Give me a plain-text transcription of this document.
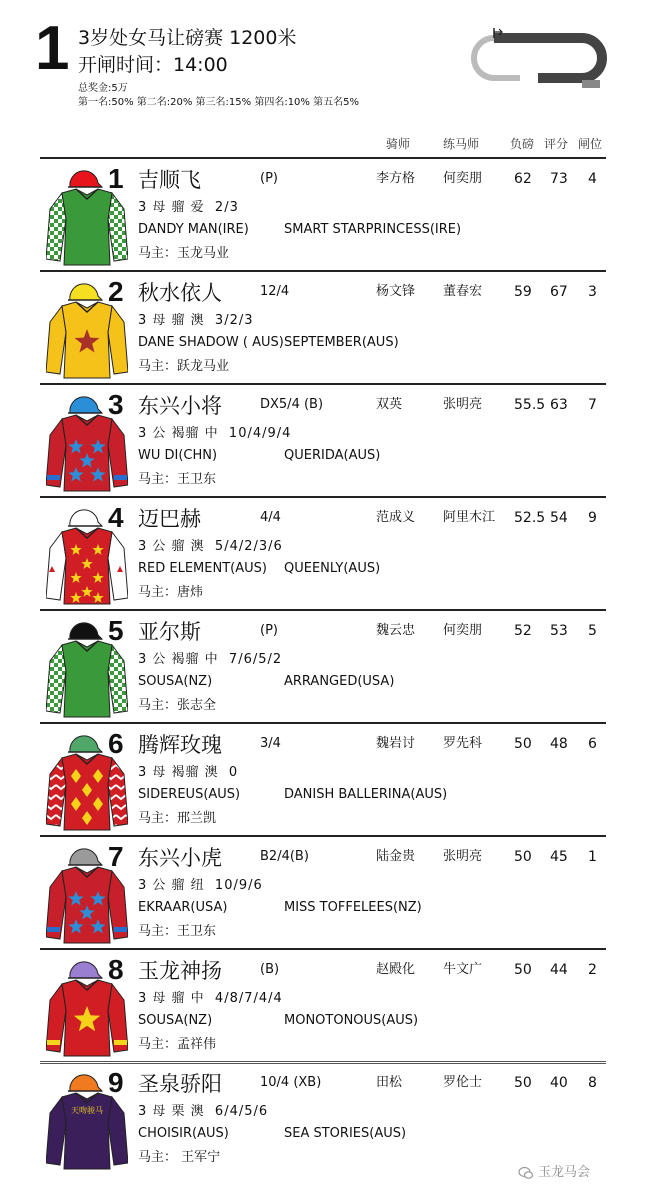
1 3岁处女马让磅赛 1200米
开闸时间：14:00
总奖金:5万
第一名:50% 第二名:20% 第三名:15% 第四名:10% 第五名5%
骑师	练马师	负磅 评分 闸位
1 吉顺飞	(P)	李方格 何奕朋 62 73 4
3 母 骝 爱  2/3
DANDY MAN(IRE)	SMART STARPRINCESS(IRE)
马主：玉龙马业
2 秋水依人	12/4	杨文锋 董春宏 59 67 3
3 母 骝 澳  3/2/3
DANE SHADOW ( AUS) SEPTEMBER(AUS)
马主：跃龙马业
3 东兴小将	DX5/4 (B)	双英	张明亮 55.5 63 7
3 公 褐骝 中  10/4/9/4
WU DI(CHN)	QUERIDA(AUS)
马主：王卫东
4 迈巴赫	4/4	范成义 阿里木江 52.5 54 9
3 公 骝 澳  5/4/2/3/6
RED ELEMENT(AUS) QUEENLY(AUS)
马主：唐炜
5 亚尔斯	(P)	魏云忠 何奕朋 52 53 5
3 公 褐骝 中  7/6/5/2
SOUSA(NZ)	ARRANGED(USA)
马主：张志全
6 腾辉玫瑰	3/4	魏岩讨 罗先科 50 48 6
3 母 褐骝 澳  0
SIDEREUS(AUS)	DANISH BALLERINA(AUS)
马主：邢兰凯
7 东兴小虎	B2/4(B)	陆金贵 张明亮 50 45 1
3 公 骝 纽  10/9/6
EKRAAR(USA)	MISS TOFFELEES(NZ)
马主：王卫东
8 玉龙神扬	(B)	赵殿化 牛文广 50 44 2
3 母 骝 中  4/8/7/4/4
SOUSA(NZ)	MONOTONOUS(AUS)
马主：孟祥伟
天吻骏马
9 圣泉骄阳	10/4 (XB)	田松	罗伦士 50 40 8
3 母 栗 澳  6/4/5/6
CHOISIR(AUS)	SEA STORIES(AUS)
马主： 王军宁
玉龙马会
